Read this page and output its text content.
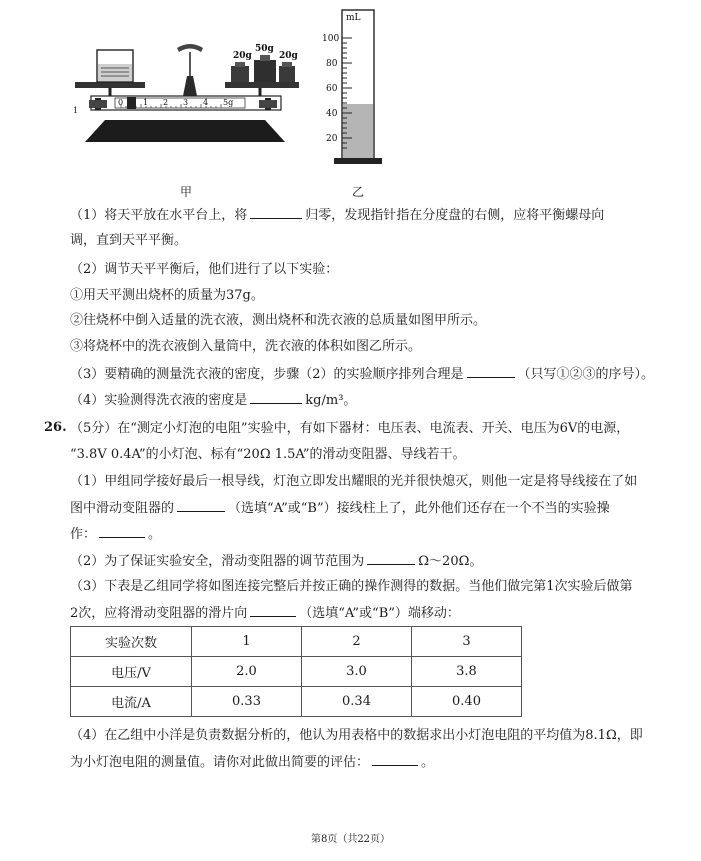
20g
50g
20g
0 1 2 3 4 5g
1
甲
mL
100
80
60
40
20
乙
（1）将天平放在水平台上，将	归零，发现指针指在分度盘的右侧，应将平衡螺母向
调，直到天平平衡。
（2）调节天平平衡后，他们进行了以下实验：
①用天平测出烧杯的质量为37g。
②往烧杯中倒入适量的洗衣液，测出烧杯和洗衣液的总质量如图甲所示。
③将烧杯中的洗衣液倒入量筒中，洗衣液的体积如图乙所示。
（3）要精确的测量洗衣液的密度，步骤（2）的实验顺序排列合理是	（只写①②③的序号）。
（4）实验测得洗衣液的密度是	kg/m³。
26. （5分）在“测定小灯泡的电阻”实验中，有如下器材：电压表、电流表、开关、电压为6V的电源，
“3.8V 0.4A”的小灯泡、标有“20Ω 1.5A”的滑动变阻器、导线若干。
（1）甲组同学接好最后一根导线，灯泡立即发出耀眼的光并很快熄灭，则他一定是将导线接在了如
图中滑动变阻器的	（选填“A”或“B”）接线柱上了，此外他们还存在一个不当的实验操
作：	。
（2）为了保证实验安全，滑动变阻器的调节范围为	Ω～20Ω。
（3）下表是乙组同学将如图连接完整后并按正确的操作测得的数据。当他们做完第1次实验后做第
2次，应将滑动变阻器的滑片向	（选填“A”或“B”）端移动：
实验次数	1	2	3
电压/V	2.0	3.0	3.8
电流/A	0.33	0.34	0.40
（4）在乙组中小洋是负责数据分析的，他认为用表格中的数据求出小灯泡电阻的平均值为8.1Ω，即
为小灯泡电阻的测量值。请你对此做出简要的评估：	。
第8页（共22页）
